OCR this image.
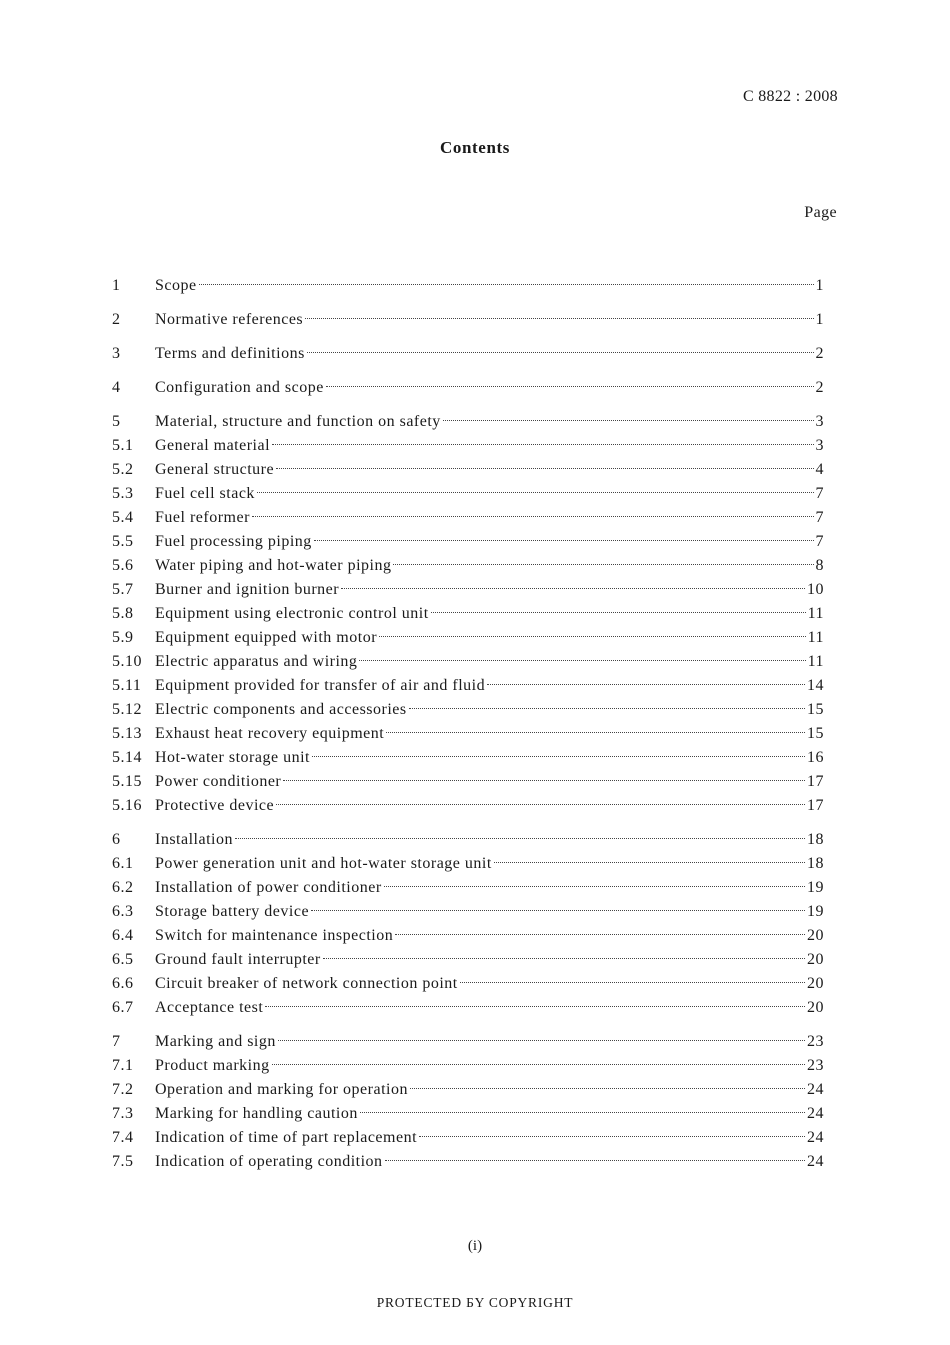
C 8822 : 2008
Contents
Page
1	Scope	1
2	Normative references	1
3	Terms and definitions	2
4	Configuration and scope	2
5	Material, structure and function on safety	3
5.1	General material	3
5.2	General structure	4
5.3	Fuel cell stack	7
5.4	Fuel reformer	7
5.5	Fuel processing piping	7
5.6	Water piping and hot-water piping	8
5.7	Burner and ignition burner	10
5.8	Equipment using electronic control unit	11
5.9	Equipment equipped with motor	11
5.10 Electric apparatus and wiring	11
5.11 Equipment provided for transfer of air and fluid	14
5.12 Electric components and accessories	15
5.13 Exhaust heat recovery equipment	15
5.14 Hot-water storage unit	16
5.15 Power conditioner	17
5.16 Protective device	17
6	Installation	18
6.1	Power generation unit and hot-water storage unit	18
6.2	Installation of power conditioner	19
6.3	Storage battery device	19
6.4	Switch for maintenance inspection	20
6.5	Ground fault interrupter	20
6.6	Circuit breaker of network connection point	20
6.7	Acceptance test	20
7	Marking and sign	23
7.1	Product marking	23
7.2	Operation and marking for operation	24
7.3	Marking for handling caution	24
7.4	Indication of time of part replacement	24
7.5	Indication of operating condition	24
(i)
PROTECTED БY COPYRIGHT
